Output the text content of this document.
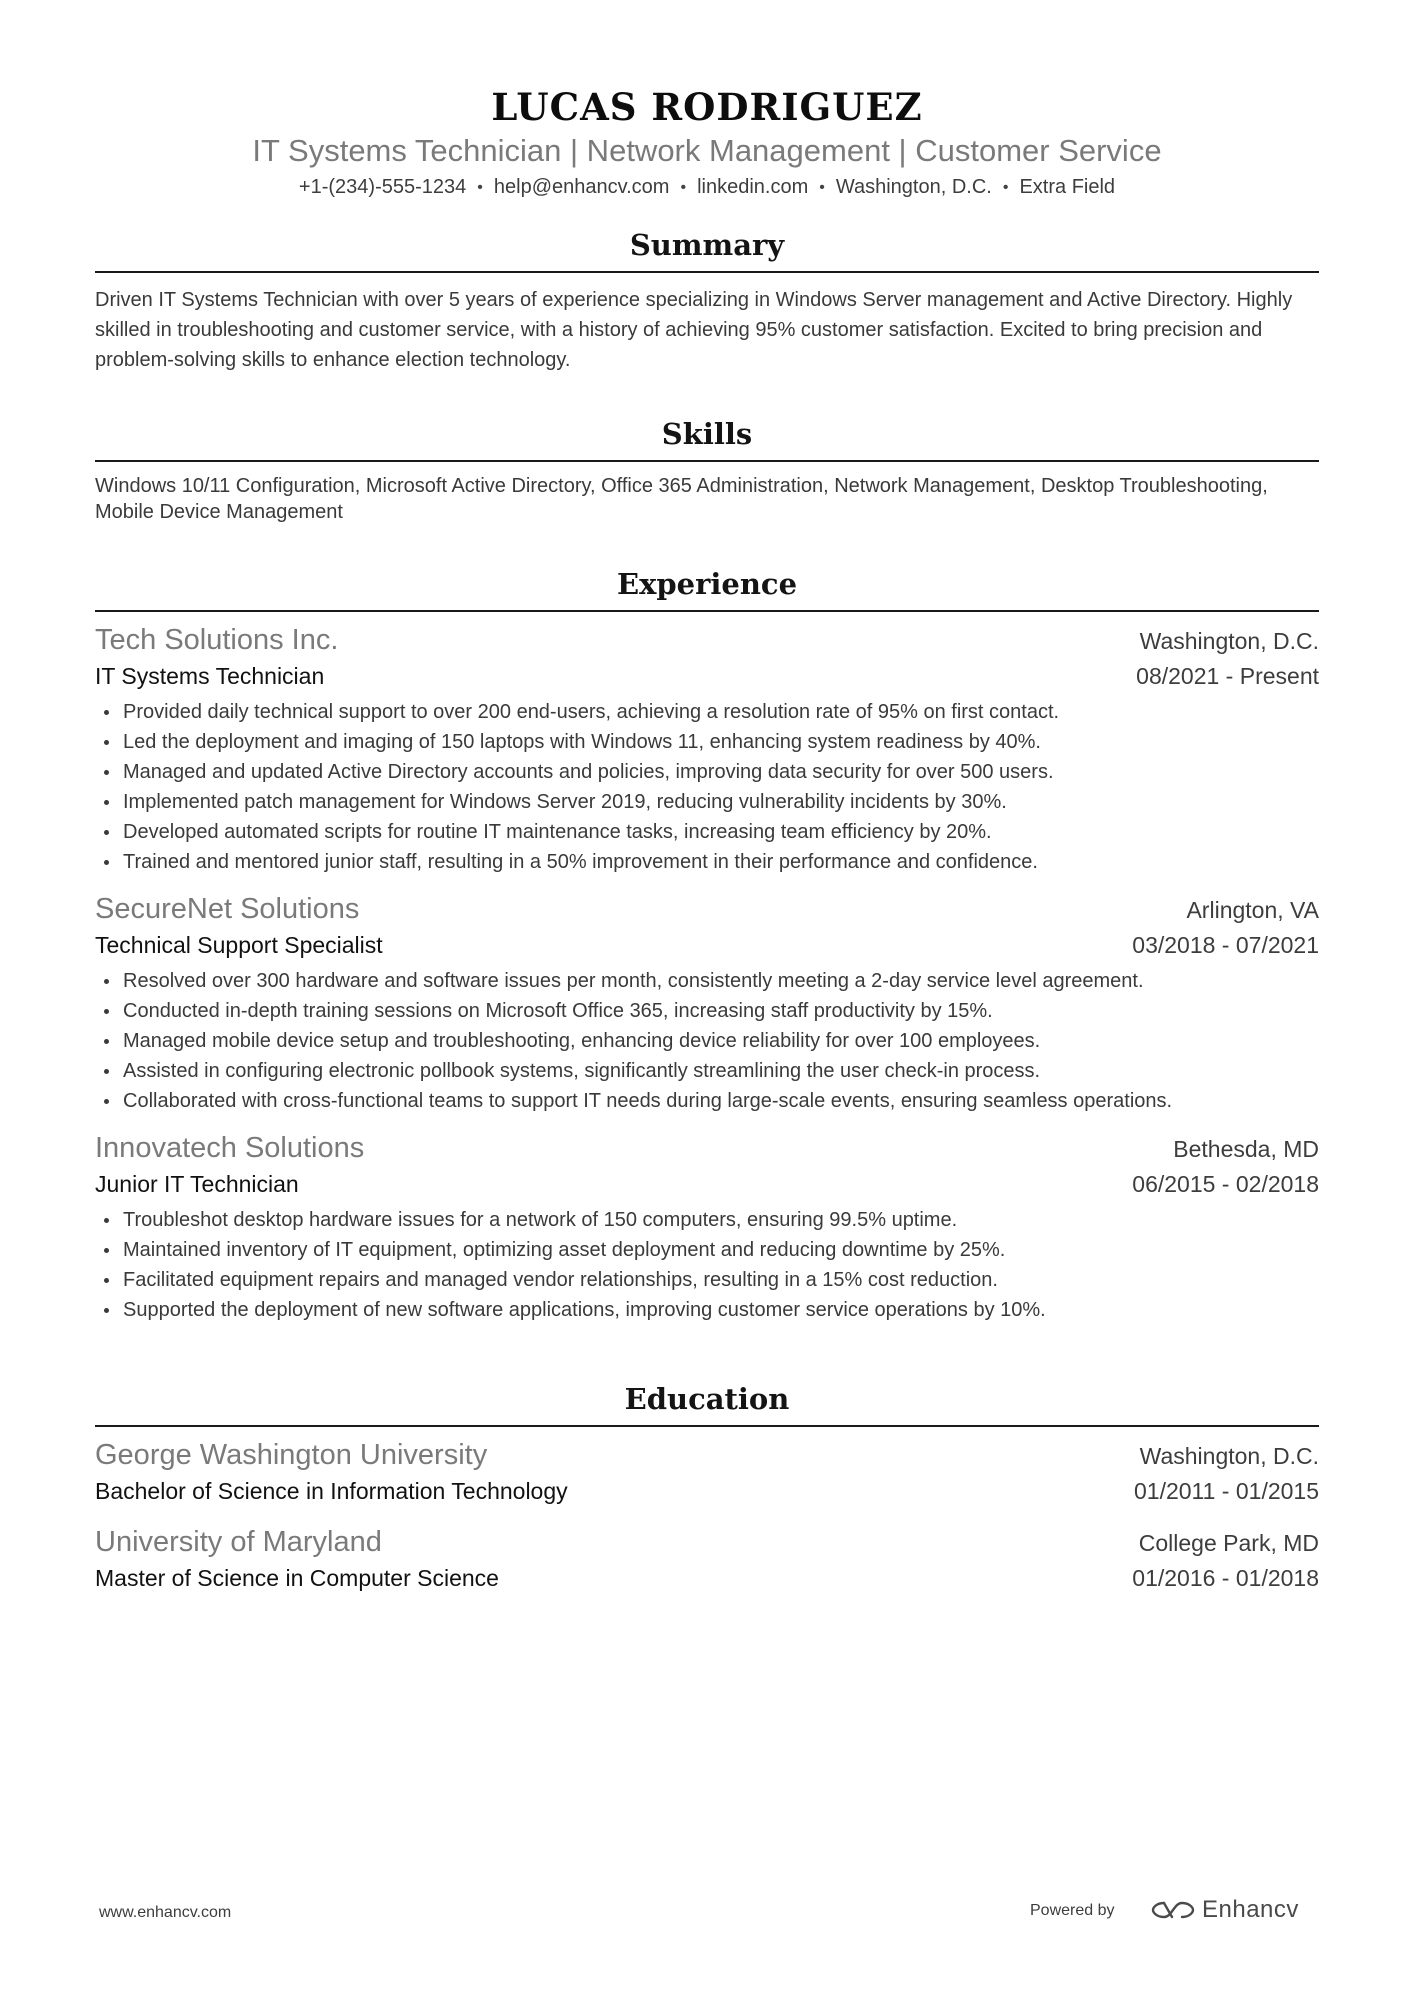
LUCAS RODRIGUEZ
IT Systems Technician | Network Management | Customer Service
+1-(234)-555-1234 • help@enhancv.com • linkedin.com • Washington, D.C. • Extra Field
Summary

Driven IT Systems Technician with over 5 years of experience specializing in Windows Server management and Active Directory. Highly skilled in troubleshooting and customer service, with a history of achieving 95% customer satisfaction. Excited to bring precision and problem-solving skills to enhance election technology.

Skills

Windows 10/11 Configuration, Microsoft Active Directory, Office 365 Administration, Network Management, Desktop Troubleshooting, Mobile Device Management

Experience
Tech Solutions Inc.	Washington, D.C.
IT Systems Technician	08/2021 - Present
Provided daily technical support to over 200 end-users, achieving a resolution rate of 95% on first contact.
Led the deployment and imaging of 150 laptops with Windows 11, enhancing system readiness by 40%.
Managed and updated Active Directory accounts and policies, improving data security for over 500 users.
Implemented patch management for Windows Server 2019, reducing vulnerability incidents by 30%.
Developed automated scripts for routine IT maintenance tasks, increasing team efficiency by 20%.
Trained and mentored junior staff, resulting in a 50% improvement in their performance and confidence.
SecureNet Solutions	Arlington, VA
Technical Support Specialist	03/2018 - 07/2021
Resolved over 300 hardware and software issues per month, consistently meeting a 2-day service level agreement.
Conducted in-depth training sessions on Microsoft Office 365, increasing staff productivity by 15%.
Managed mobile device setup and troubleshooting, enhancing device reliability for over 100 employees.
Assisted in configuring electronic pollbook systems, significantly streamlining the user check-in process.
Collaborated with cross-functional teams to support IT needs during large-scale events, ensuring seamless operations.
Innovatech Solutions	Bethesda, MD
Junior IT Technician	06/2015 - 02/2018
Troubleshot desktop hardware issues for a network of 150 computers, ensuring 99.5% uptime.
Maintained inventory of IT equipment, optimizing asset deployment and reducing downtime by 25%.
Facilitated equipment repairs and managed vendor relationships, resulting in a 15% cost reduction.
Supported the deployment of new software applications, improving customer service operations by 10%.
Education
George Washington University	Washington, D.C.
Bachelor of Science in Information Technology	01/2011 - 01/2015
University of Maryland	College Park, MD
Master of Science in Computer Science	01/2016 - 01/2018
www.enhancv.com	Powered by	Enhancv
